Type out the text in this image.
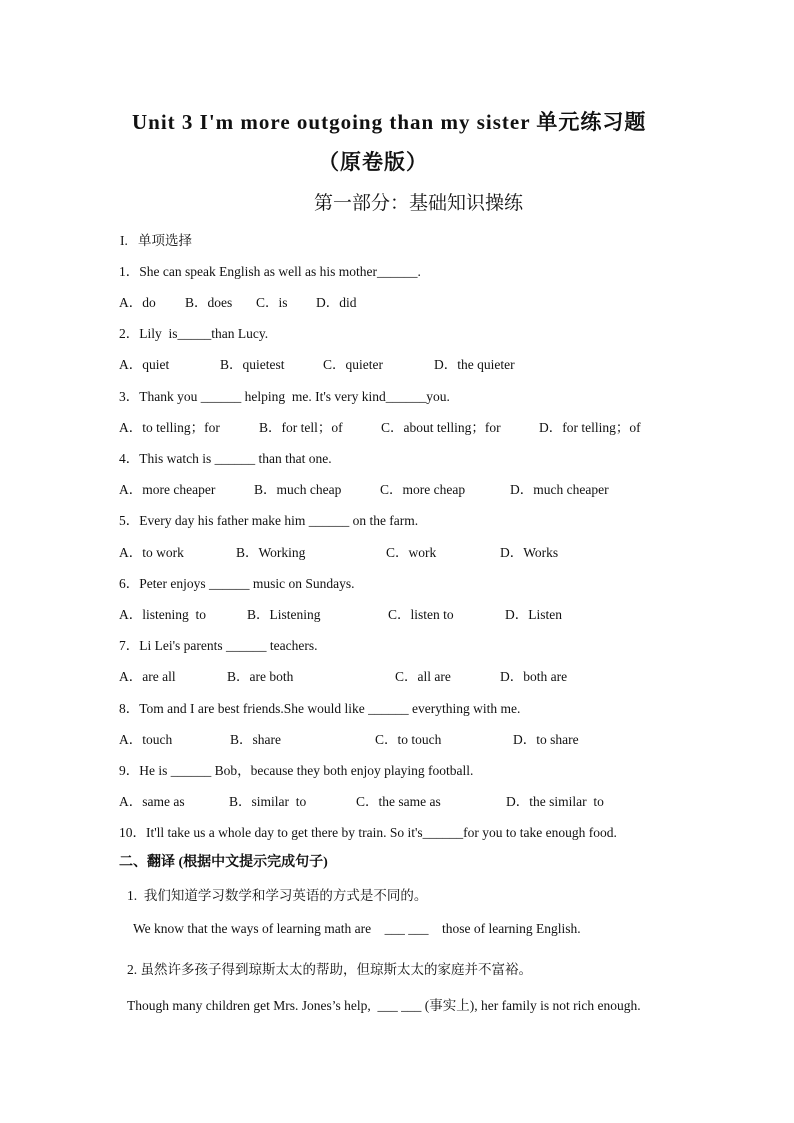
Unit 3 I'm more outgoing than my sister 单元练习题
（原卷版）
第一部分：基础知识操练
I.   单项选择
1．She can speak English as well as his mother______.
A．do B．does C．is D．did
2．Lily  is_____than Lucy.
A．quiet	B．quietest	C．quieter	D．the quieter
3．Thank you ______ helping  me. It's very kind______you.
A．to telling；for	B．for tell；of	C．about telling；for	D．for telling；of
4．This watch is ______ than that one.
A．more cheaper	B．much cheap	C．more cheap	D．much cheaper
5．Every day his father make him ______ on the farm.
A．to work	B．Working	C．work	D．Works
6．Peter enjoys ______ music on Sundays.
A．listening  to	B．Listening	C．listen to	D．Listen
7．Li Lei's parents ______ teachers.
A．are all	B．are both	C．all are	D．both are
8．Tom and I are best friends.She would like ______ everything with me.
A．touch	B．share	C．to touch	D．to share
9．He is ______ Bob，because they both enjoy playing football.
A．same as	B．similar  to	C．the same as	D．the similar  to
10．It'll take us a whole day to get there by train. So it's______for you to take enough food.
二、翻译 (根据中文提示完成句子)
1.  我们知道学习数学和学习英语的方式是不同的。
We know that the ways of learning math are    ___ ___    those of learning English.
2. 虽然许多孩子得到琼斯太太的帮助，但琼斯太太的家庭并不富裕。
Though many children get Mrs. Jones’s help,  ___ ___ (事实上), her family is not rich enough.
